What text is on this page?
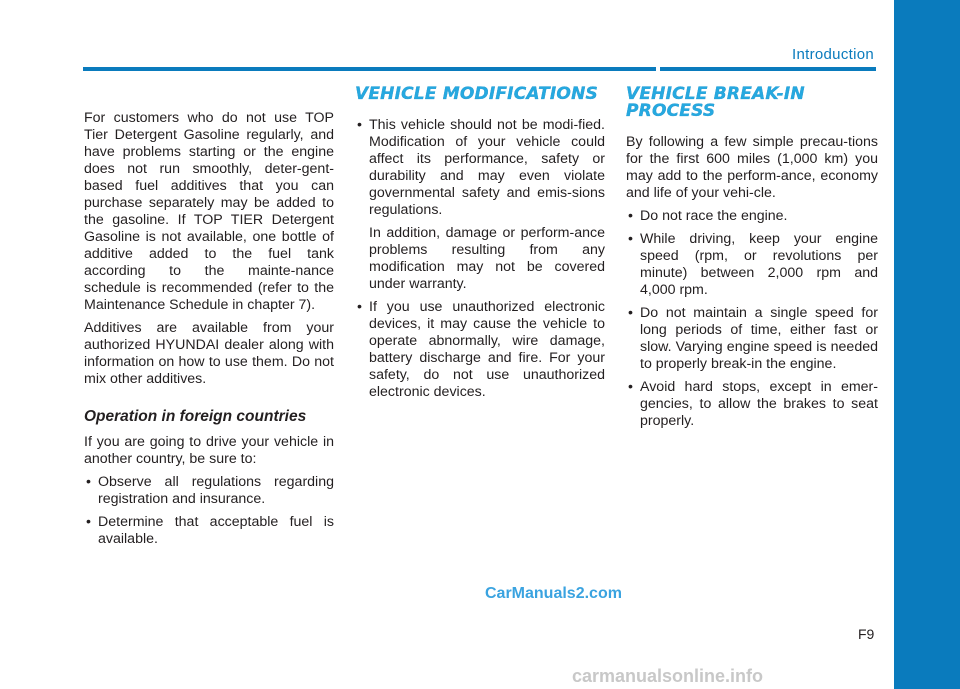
Introduction

For customers who do not use TOP Tier Detergent Gasoline regularly, and have problems starting or the engine does not run smoothly, deter-gent-based fuel additives that you can purchase separately may be added to the gasoline. If TOP TIER Detergent Gasoline is not available, one bottle of additive added to the fuel tank according to the mainte-nance schedule is recommended (refer to the Maintenance Schedule in chapter 7).

Additives are available from your authorized HYUNDAI dealer along with information on how to use them. Do not mix other additives.

Operation in foreign countries

If you are going to drive your vehicle in another country, be sure to:

• Observe all regulations regarding registration and insurance.
• Determine that acceptable fuel is available.
VEHICLE MODIFICATIONS
• This vehicle should not be modi-fied. Modification of your vehicle could affect its performance, safety or durability and may even violate governmental safety and emis-sions regulations.
In addition, damage or perform-ance problems resulting from any modification may not be covered under warranty.
• If you use unauthorized electronic devices, it may cause the vehicle to operate abnormally, wire damage, battery discharge and fire. For your safety, do not use unauthorized electronic devices.
VEHICLE BREAK-IN PROCESS

By following a few simple precau-tions for the first 600 miles (1,000 km) you may add to the perform-ance, economy and life of your vehi-cle.

• Do not race the engine.
• While driving, keep your engine speed (rpm, or revolutions per minute) between 2,000 rpm and 4,000 rpm.
• Do not maintain a single speed for long periods of time, either fast or slow. Varying engine speed is needed to properly break-in the engine.
• Avoid hard stops, except in emer-gencies, to allow the brakes to seat properly.
CarManuals2.com
F9
carmanualsonline.info
